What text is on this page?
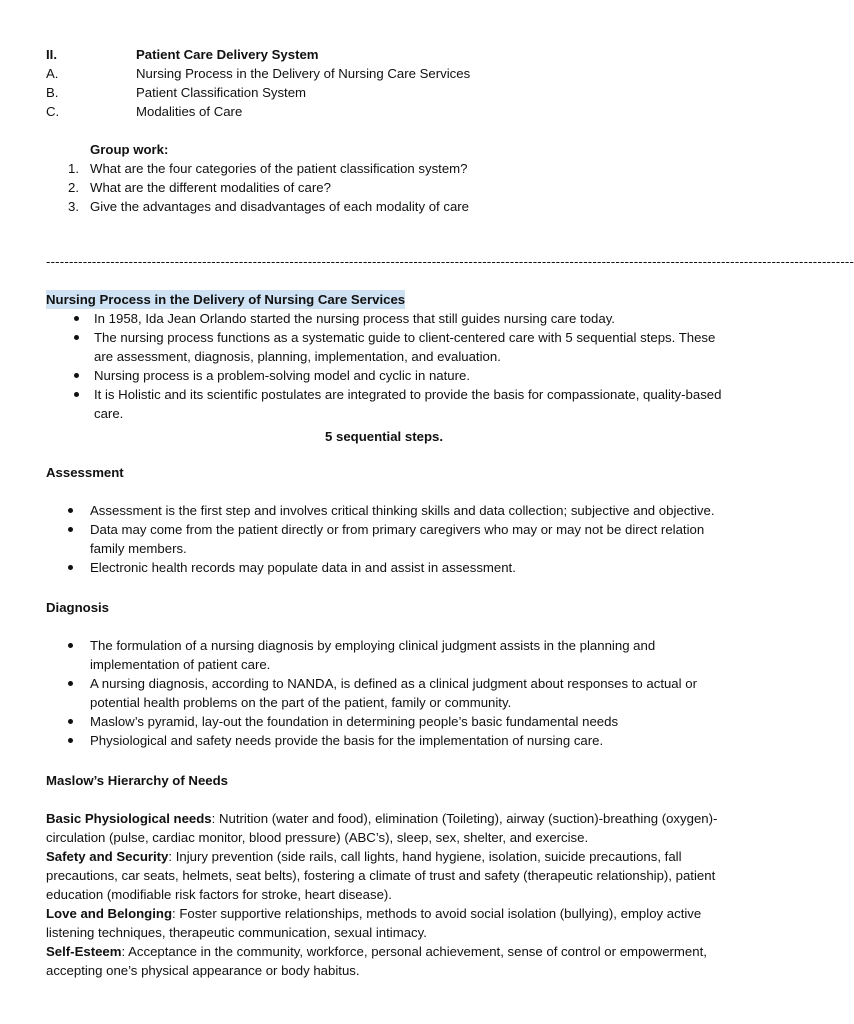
II.	Patient Care Delivery System
A.	Nursing Process in the Delivery of Nursing Care Services
B.	Patient Classification System
C.	Modalities of Care
Group work:
1. What are the four categories of the patient classification system?
2. What are the different modalities of care?
3. Give the advantages and disadvantages of each modality of care
--------------------------------------------------------------------------------------------------------------------------------------------------------------------------------
Nursing Process in the Delivery of Nursing Care Services
In 1958, Ida Jean Orlando started the nursing process that still guides nursing care today.
The nursing process functions as a systematic guide to client-centered care with 5 sequential steps. These are assessment, diagnosis, planning, implementation, and evaluation.
Nursing process is a problem-solving model and cyclic in nature.
It is Holistic and its scientific postulates are integrated to provide the basis for compassionate, quality-based care.
5 sequential steps.
Assessment
Assessment is the first step and involves critical thinking skills and data collection; subjective and objective.
Data may come from the patient directly or from primary caregivers who may or may not be direct relation family members.
Electronic health records may populate data in and assist in assessment.
Diagnosis
The formulation of a nursing diagnosis by employing clinical judgment assists in the planning and implementation of patient care.
A nursing diagnosis, according to NANDA, is defined as a clinical judgment about responses to actual or potential health problems on the part of the patient, family or community.
Maslow’s pyramid, lay-out the foundation in determining people’s basic fundamental needs
Physiological and safety needs provide the basis for the implementation of nursing care.
Maslow’s Hierarchy of Needs
Basic Physiological needs: Nutrition (water and food), elimination (Toileting), airway (suction)-breathing (oxygen)-circulation (pulse, cardiac monitor, blood pressure) (ABC’s), sleep, sex, shelter, and exercise.
Safety and Security: Injury prevention (side rails, call lights, hand hygiene, isolation, suicide precautions, fall precautions, car seats, helmets, seat belts), fostering a climate of trust and safety (therapeutic relationship), patient education (modifiable risk factors for stroke, heart disease).
Love and Belonging: Foster supportive relationships, methods to avoid social isolation (bullying), employ active listening techniques, therapeutic communication, sexual intimacy.
Self-Esteem: Acceptance in the community, workforce, personal achievement, sense of control or empowerment, accepting one’s physical appearance or body habitus.
